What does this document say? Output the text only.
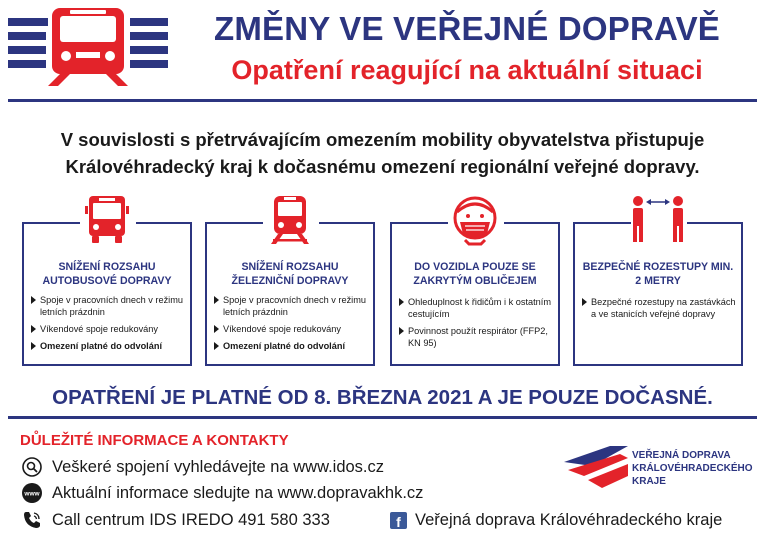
ZMĚNY VE VEŘEJNÉ DOPRAVĚ
Opatření reagující na aktuální situaci
V souvislosti s přetrvávajícím omezením mobility obyvatelstva přistupuje Královéhradecký kraj k dočasnému omezení regionální veřejné dopravy.
SNÍŽENÍ ROZSAHU AUTOBUSOVÉ DOPRAVY
Spoje v pracovních dnech v režimu letních prázdnin
Víkendové spoje redukovány
Omezení platné do odvolání
SNÍŽENÍ ROZSAHU ŽELEZNIČNÍ DOPRAVY
Spoje v pracovních dnech v režimu letních prázdnin
Víkendové spoje redukovány
Omezení platné do odvolání
DO VOZIDLA POUZE SE ZAKRYTÝM OBLIČEJEM
Ohleduplnost k řidičům i k ostatním cestujícím
Povinnost použít respirátor (FFP2, KN 95)
BEZPEČNÉ ROZESTUPY MIN. 2 METRY
Bezpečné rozestupy na zastávkách a ve stanicích veřejné dopravy
OPATŘENÍ JE PLATNÉ OD 8. BŘEZNA 2021 A JE POUZE DOČASNÉ.
DŮLEŽITÉ INFORMACE A KONTAKTY
Veškeré spojení vyhledávejte na www.idos.cz
www Aktuální informace sledujte na www.dopravakhk.cz
Call centrum IDS IREDO 491 580 333	f Veřejná doprava Královéhradeckého kraje
VEŘEJNÁ DOPRAVA
KRÁLOVÉHRADECKÉHO
KRAJE
